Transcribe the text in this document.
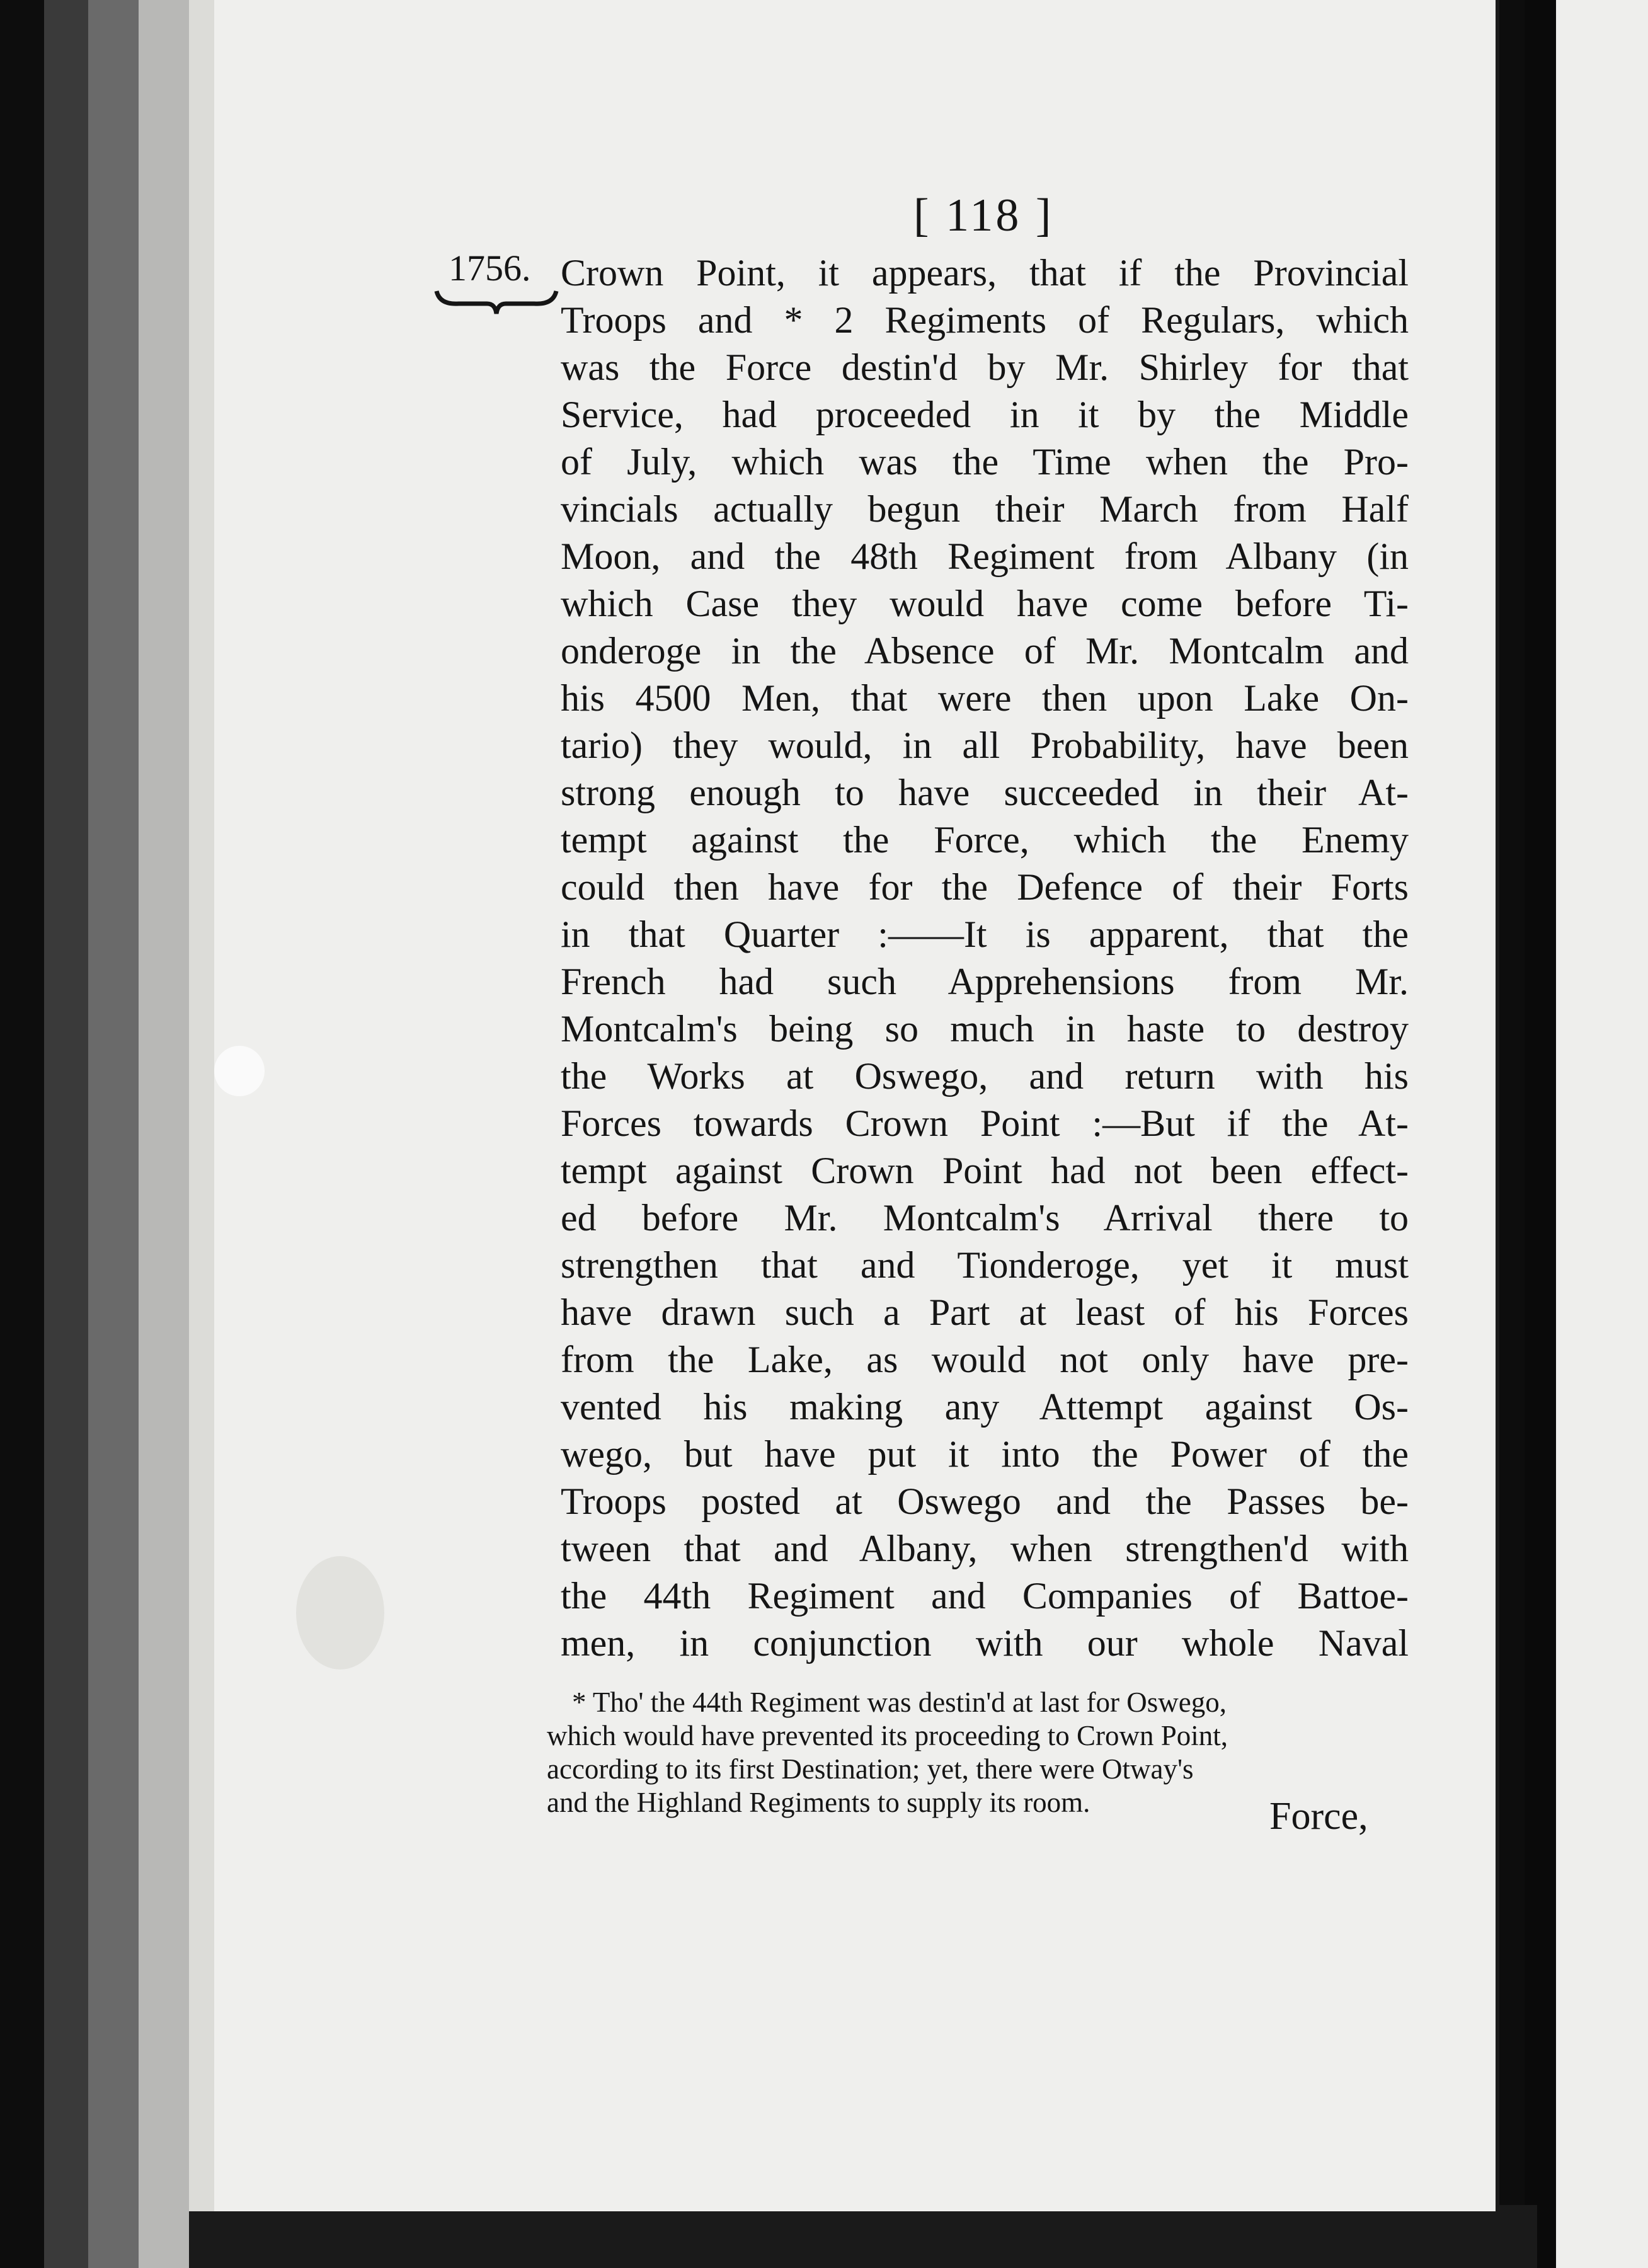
[ 118 ]
1756. Crown Point, it appears, that if the Provincial
Troops and * 2 Regiments of Regulars, which
was the Force destin'd by Mr. Shirley for that
Service, had proceeded in it by the Middle
of July, which was the Time when the Pro-
vincials actually begun their March from Half
Moon, and the 48th Regiment from Albany (in
which Case they would have come before Ti-
onderoge in the Absence of Mr. Montcalm and
his 4500 Men, that were then upon Lake On-
tario) they would, in all Probability, have been
strong enough to have succeeded in their At-
tempt against the Force, which the Enemy
could then have for the Defence of their Forts
in that Quarter :——It is apparent, that the
French had such Apprehensions from Mr.
Montcalm's being so much in haste to destroy
the Works at Oswego, and return with his
Forces towards Crown Point :—But if the At-
tempt against Crown Point had not been effect-
ed before Mr. Montcalm's Arrival there to
strengthen that and Tionderoge, yet it must
have drawn such a Part at least of his Forces
from the Lake, as would not only have pre-
vented his making any Attempt against Os-
wego, but have put it into the Power of the
Troops posted at Oswego and the Passes be-
tween that and Albany, when strengthen'd with
the 44th Regiment and Companies of Battoe-
men, in conjunction with our whole Naval
* Tho' the 44th Regiment was destin'd at last for Oswego,
which would have prevented its proceeding to Crown Point,
according to its first Destination; yet, there were Otway's
and the Highland Regiments to supply its room.	Force,
